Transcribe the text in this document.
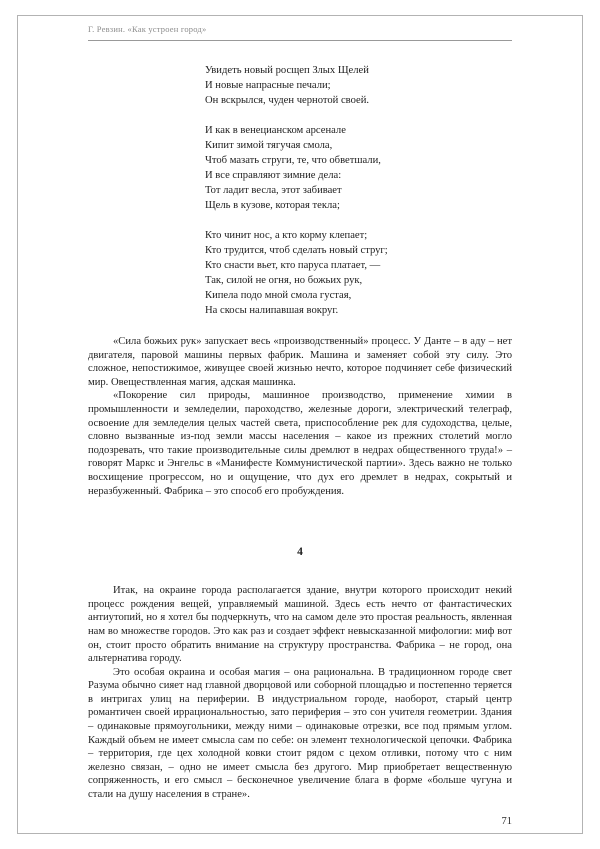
Г. Ревзин. «Как устроен город»
Увидеть новый росщеп Злых Щелей
И новые напрасные печали;
Он вскрылся, чуден чернотой своей.
И как в венецианском арсенале
Кипит зимой тягучая смола,
Чтоб мазать струги, те, что обветшали,
И все справляют зимние дела:
Тот ладит весла, этот забивает
Щель в кузове, которая текла;
Кто чинит нос, а кто корму клепает;
Кто трудится, чтоб сделать новый струг;
Кто снасти вьет, кто паруса платает, —
Так, силой не огня, но божьих рук,
Кипела подо мной смола густая,
На скосы налипавшая вокруг.

«Сила божьих рук» запускает весь «производственный» процесс. У Данте – в аду – нет двигателя, паровой машины первых фабрик. Машина и заменяет собой эту силу. Это сложное, непостижимое, живущее своей жизнью нечто, которое подчиняет себе физический мир. Овеществленная магия, адская машинка.

«Покорение сил природы, машинное производство, применение химии в промышленности и земледелии, пароходство, железные дороги, электрический телеграф, освоение для земледелия целых частей света, приспособление рек для судоходства, целые, словно вызванные из-под земли массы населения – какое из прежних столетий могло подозревать, что такие производительные силы дремлют в недрах общественного труда!» – говорят Маркс и Энгельс в «Манифесте Коммунистической партии». Здесь важно не только восхищение прогрессом, но и ощущение, что дух его дремлет в недрах, сокрытый и неразбуженный. Фабрика – это способ его пробуждения.

4

Итак, на окраине города располагается здание, внутри которого происходит некий процесс рождения вещей, управляемый машиной. Здесь есть нечто от фантастических антиутопий, но я хотел бы подчеркнуть, что на самом деле это простая реальность, явленная нам во множестве городов. Это как раз и создает эффект невысказанной мифологии: миф вот он, стоит просто обратить внимание на структуру пространства. Фабрика – не город, она альтернатива городу.

Это особая окраина и особая магия – она рациональна. В традиционном городе свет Разума обычно сияет над главной дворцовой или соборной площадью и постепенно теряется в интригах улиц на периферии. В индустриальном городе, наоборот, старый центр романтичен своей иррациональностью, зато периферия – это сон учителя геометрии. Здания – одинаковые прямоугольники, между ними – одинаковые отрезки, все под прямым углом. Каждый объем не имеет смысла сам по себе: он элемент технологической цепочки. Фабрика – территория, где цех холодной ковки стоит рядом с цехом отливки, потому что с ним железно связан, – одно не имеет смысла без другого. Мир приобретает вещественную сопряженность, и его смысл – бесконечное увеличение блага в форме «больше чугуна и стали на душу населения в стране».

71
